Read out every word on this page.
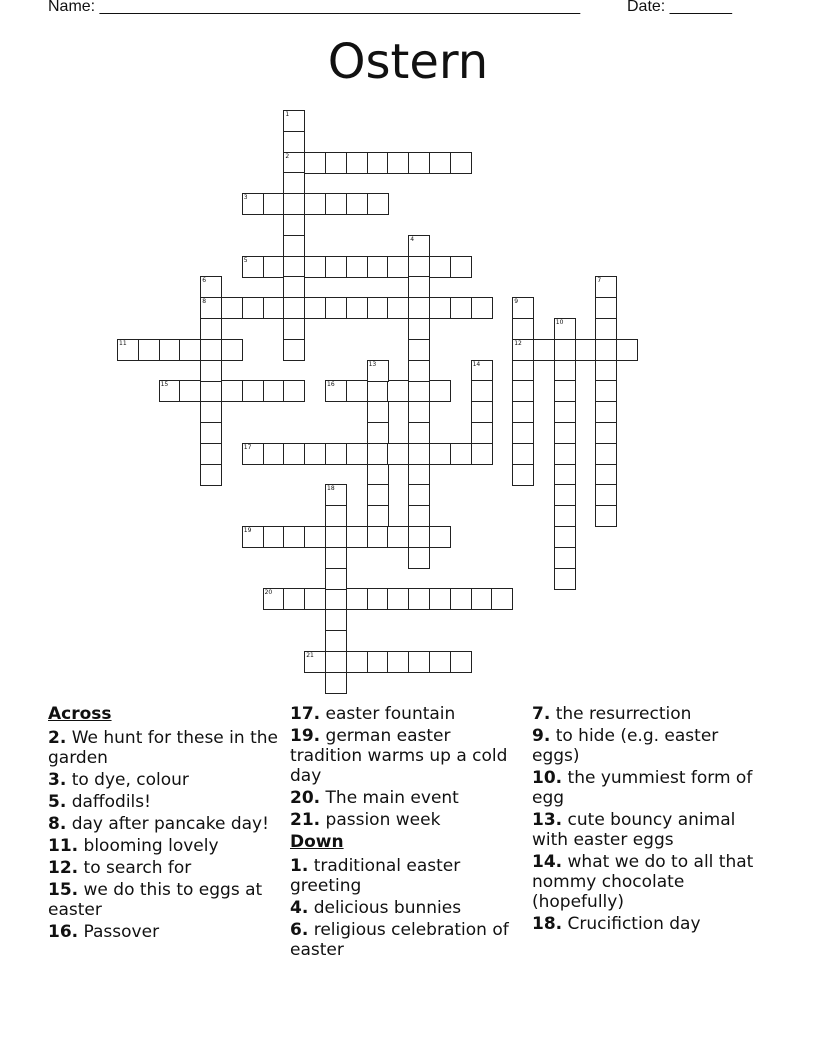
Name: ______________________________________________________	Date: _______
Ostern
2
3
5
8
11	12
15	16
17
19
20
21
1
4
6	7
9
10
13	14
18
Across
2. We hunt for these in the garden
3. to dye, colour
5. daffodils!
8. day after pancake day!
11. blooming lovely
12. to search for
15. we do this to eggs at easter
16. Passover
17. easter fountain
19. german easter tradition warms up a cold day
20. The main event
21. passion week
Down
1. traditional easter greeting
4. delicious bunnies
6. religious celebration of easter
7. the resurrection
9. to hide (e.g. easter eggs)
10. the yummiest form of egg
13. cute bouncy animal with easter eggs
14. what we do to all that nommy chocolate (hopefully)
18. Crucifiction day
